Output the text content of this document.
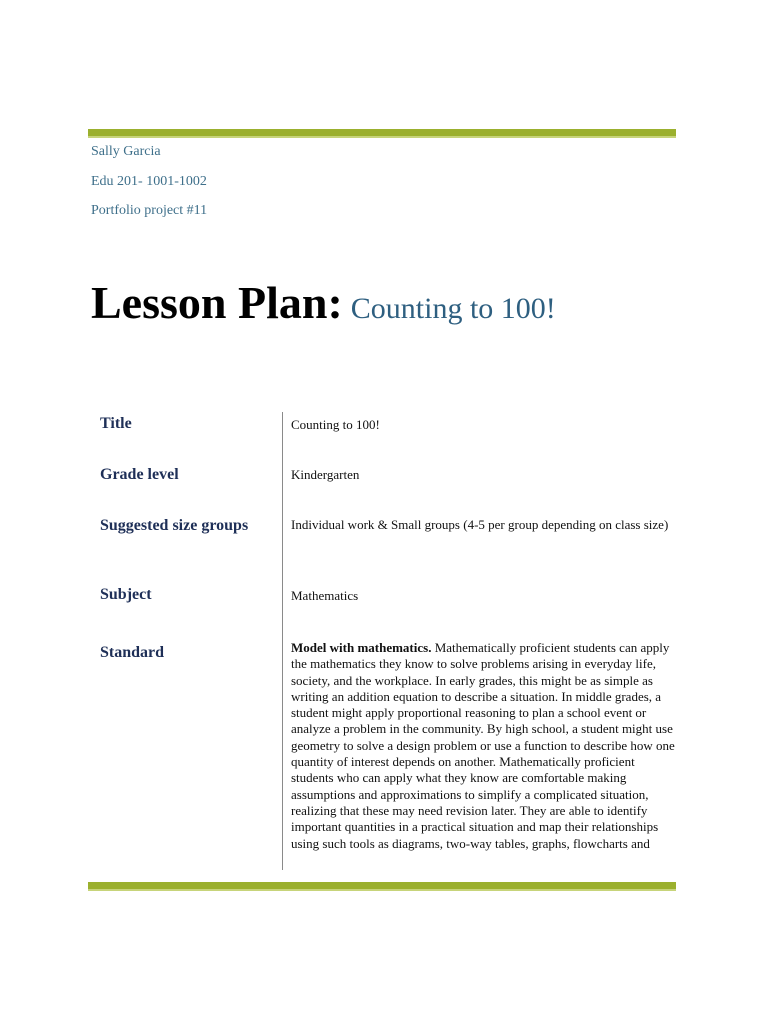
Sally Garcia
Edu 201- 1001-1002
Portfolio project #11
Lesson Plan: Counting to 100!
Title	Counting to 100!
Grade level	Kindergarten
Suggested size groups	Individual work & Small groups (4-5 per group depending on class size)
Subject	Mathematics
Standard	Model with mathematics. Mathematically proficient students can apply the mathematics they know to solve problems arising in everyday life, society, and the workplace. In early grades, this might be as simple as writing an addition equation to describe a situation. In middle grades, a student might apply proportional reasoning to plan a school event or analyze a problem in the community. By high school, a student might use geometry to solve a design problem or use a function to describe how one quantity of interest depends on another. Mathematically proficient students who can apply what they know are comfortable making assumptions and approximations to simplify a complicated situation, realizing that these may need revision later. They are able to identify important quantities in a practical situation and map their relationships using such tools as diagrams, two-way tables, graphs, flowcharts and
